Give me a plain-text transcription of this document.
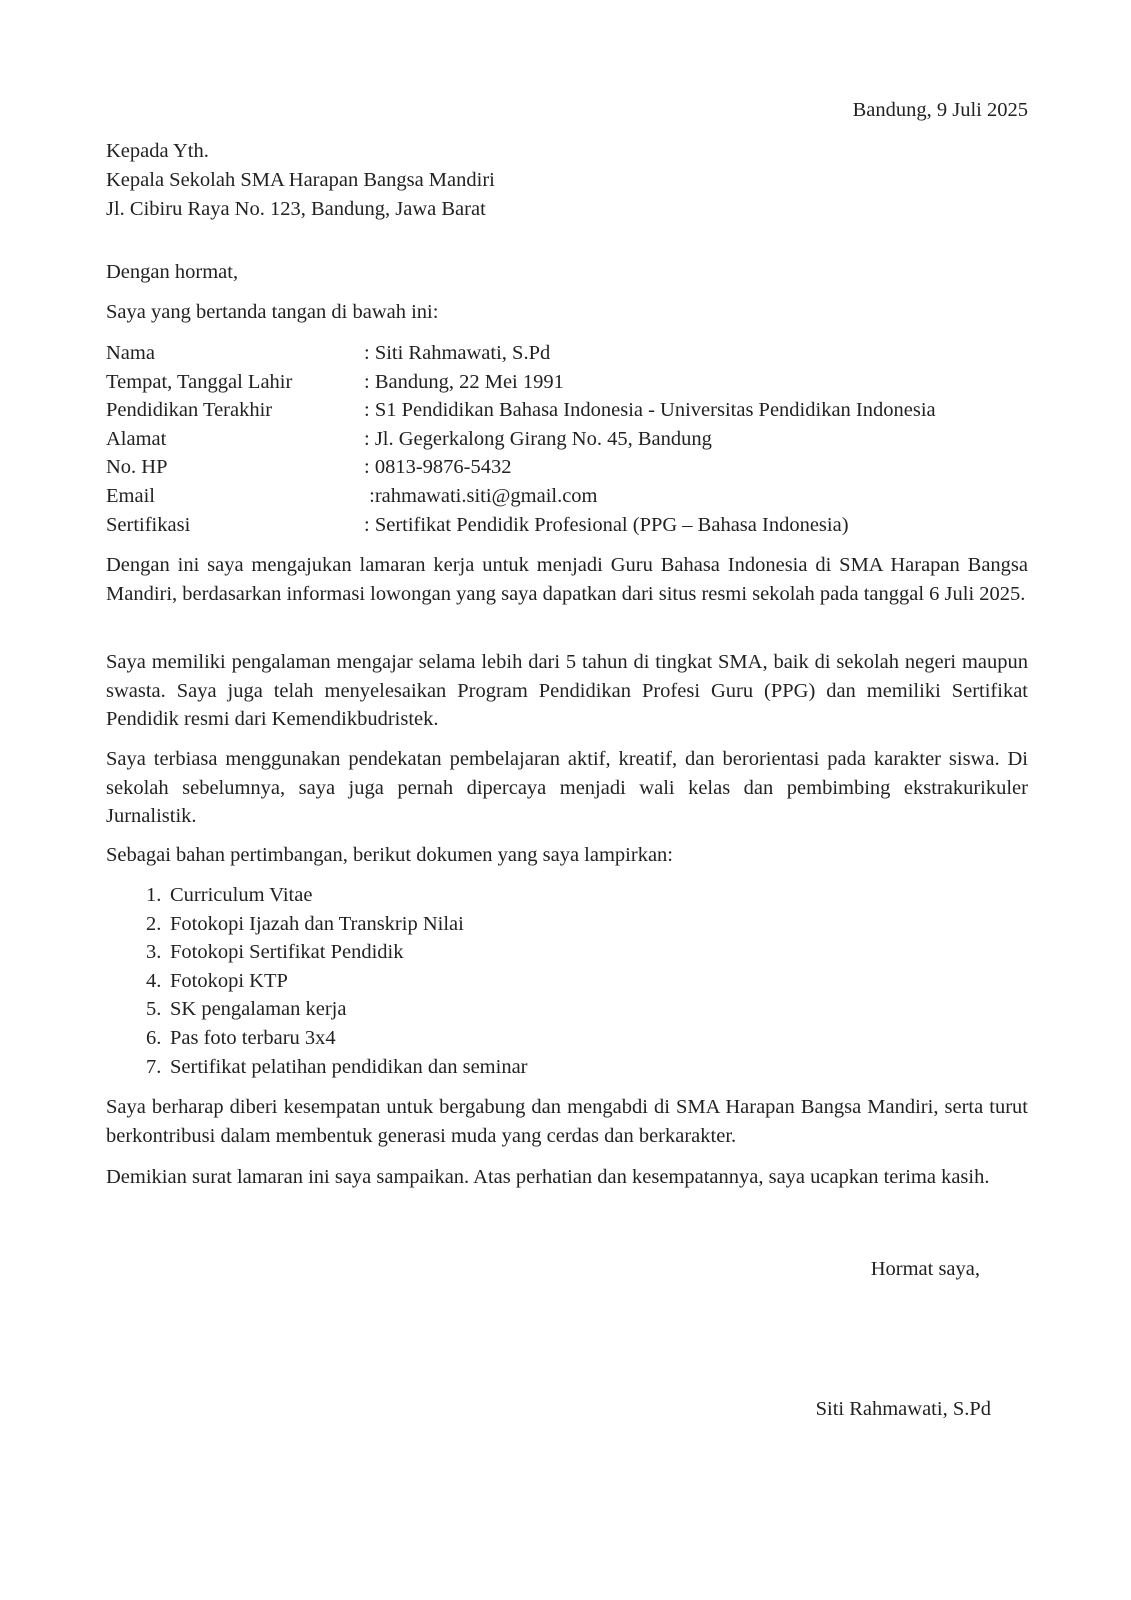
Bandung, 9 Juli 2025
Kepada Yth.
Kepala Sekolah SMA Harapan Bangsa Mandiri
Jl. Cibiru Raya No. 123, Bandung, Jawa Barat
Dengan hormat,
Saya yang bertanda tangan di bawah ini:
Nama	: Siti Rahmawati, S.Pd
Tempat, Tanggal Lahir	: Bandung, 22 Mei 1991
Pendidikan Terakhir	: S1 Pendidikan Bahasa Indonesia - Universitas Pendidikan Indonesia
Alamat	: Jl. Gegerkalong Girang No. 45, Bandung
No. HP	: 0813-9876-5432
Email	:rahmawati.siti@gmail.com
Sertifikasi	: Sertifikat Pendidik Profesional (PPG – Bahasa Indonesia)

Dengan ini saya mengajukan lamaran kerja untuk menjadi Guru Bahasa Indonesia di SMA Harapan Bangsa Mandiri, berdasarkan informasi lowongan yang saya dapatkan dari situs resmi sekolah pada tanggal 6 Juli 2025.

Saya memiliki pengalaman mengajar selama lebih dari 5 tahun di tingkat SMA, baik di sekolah negeri maupun swasta. Saya juga telah menyelesaikan Program Pendidikan Profesi Guru (PPG) dan memiliki Sertifikat Pendidik resmi dari Kemendikbudristek.

Saya terbiasa menggunakan pendekatan pembelajaran aktif, kreatif, dan berorientasi pada karakter siswa. Di sekolah sebelumnya, saya juga pernah dipercaya menjadi wali kelas dan pembimbing ekstrakurikuler Jurnalistik.

Sebagai bahan pertimbangan, berikut dokumen yang saya lampirkan:

1. Curriculum Vitae
2. Fotokopi Ijazah dan Transkrip Nilai
3. Fotokopi Sertifikat Pendidik
4. Fotokopi KTP
5. SK pengalaman kerja
6. Pas foto terbaru 3x4
7. Sertifikat pelatihan pendidikan dan seminar

Saya berharap diberi kesempatan untuk bergabung dan mengabdi di SMA Harapan Bangsa Mandiri, serta turut berkontribusi dalam membentuk generasi muda yang cerdas dan berkarakter.

Demikian surat lamaran ini saya sampaikan. Atas perhatian dan kesempatannya, saya ucapkan terima kasih.

Hormat saya,
Siti Rahmawati, S.Pd
